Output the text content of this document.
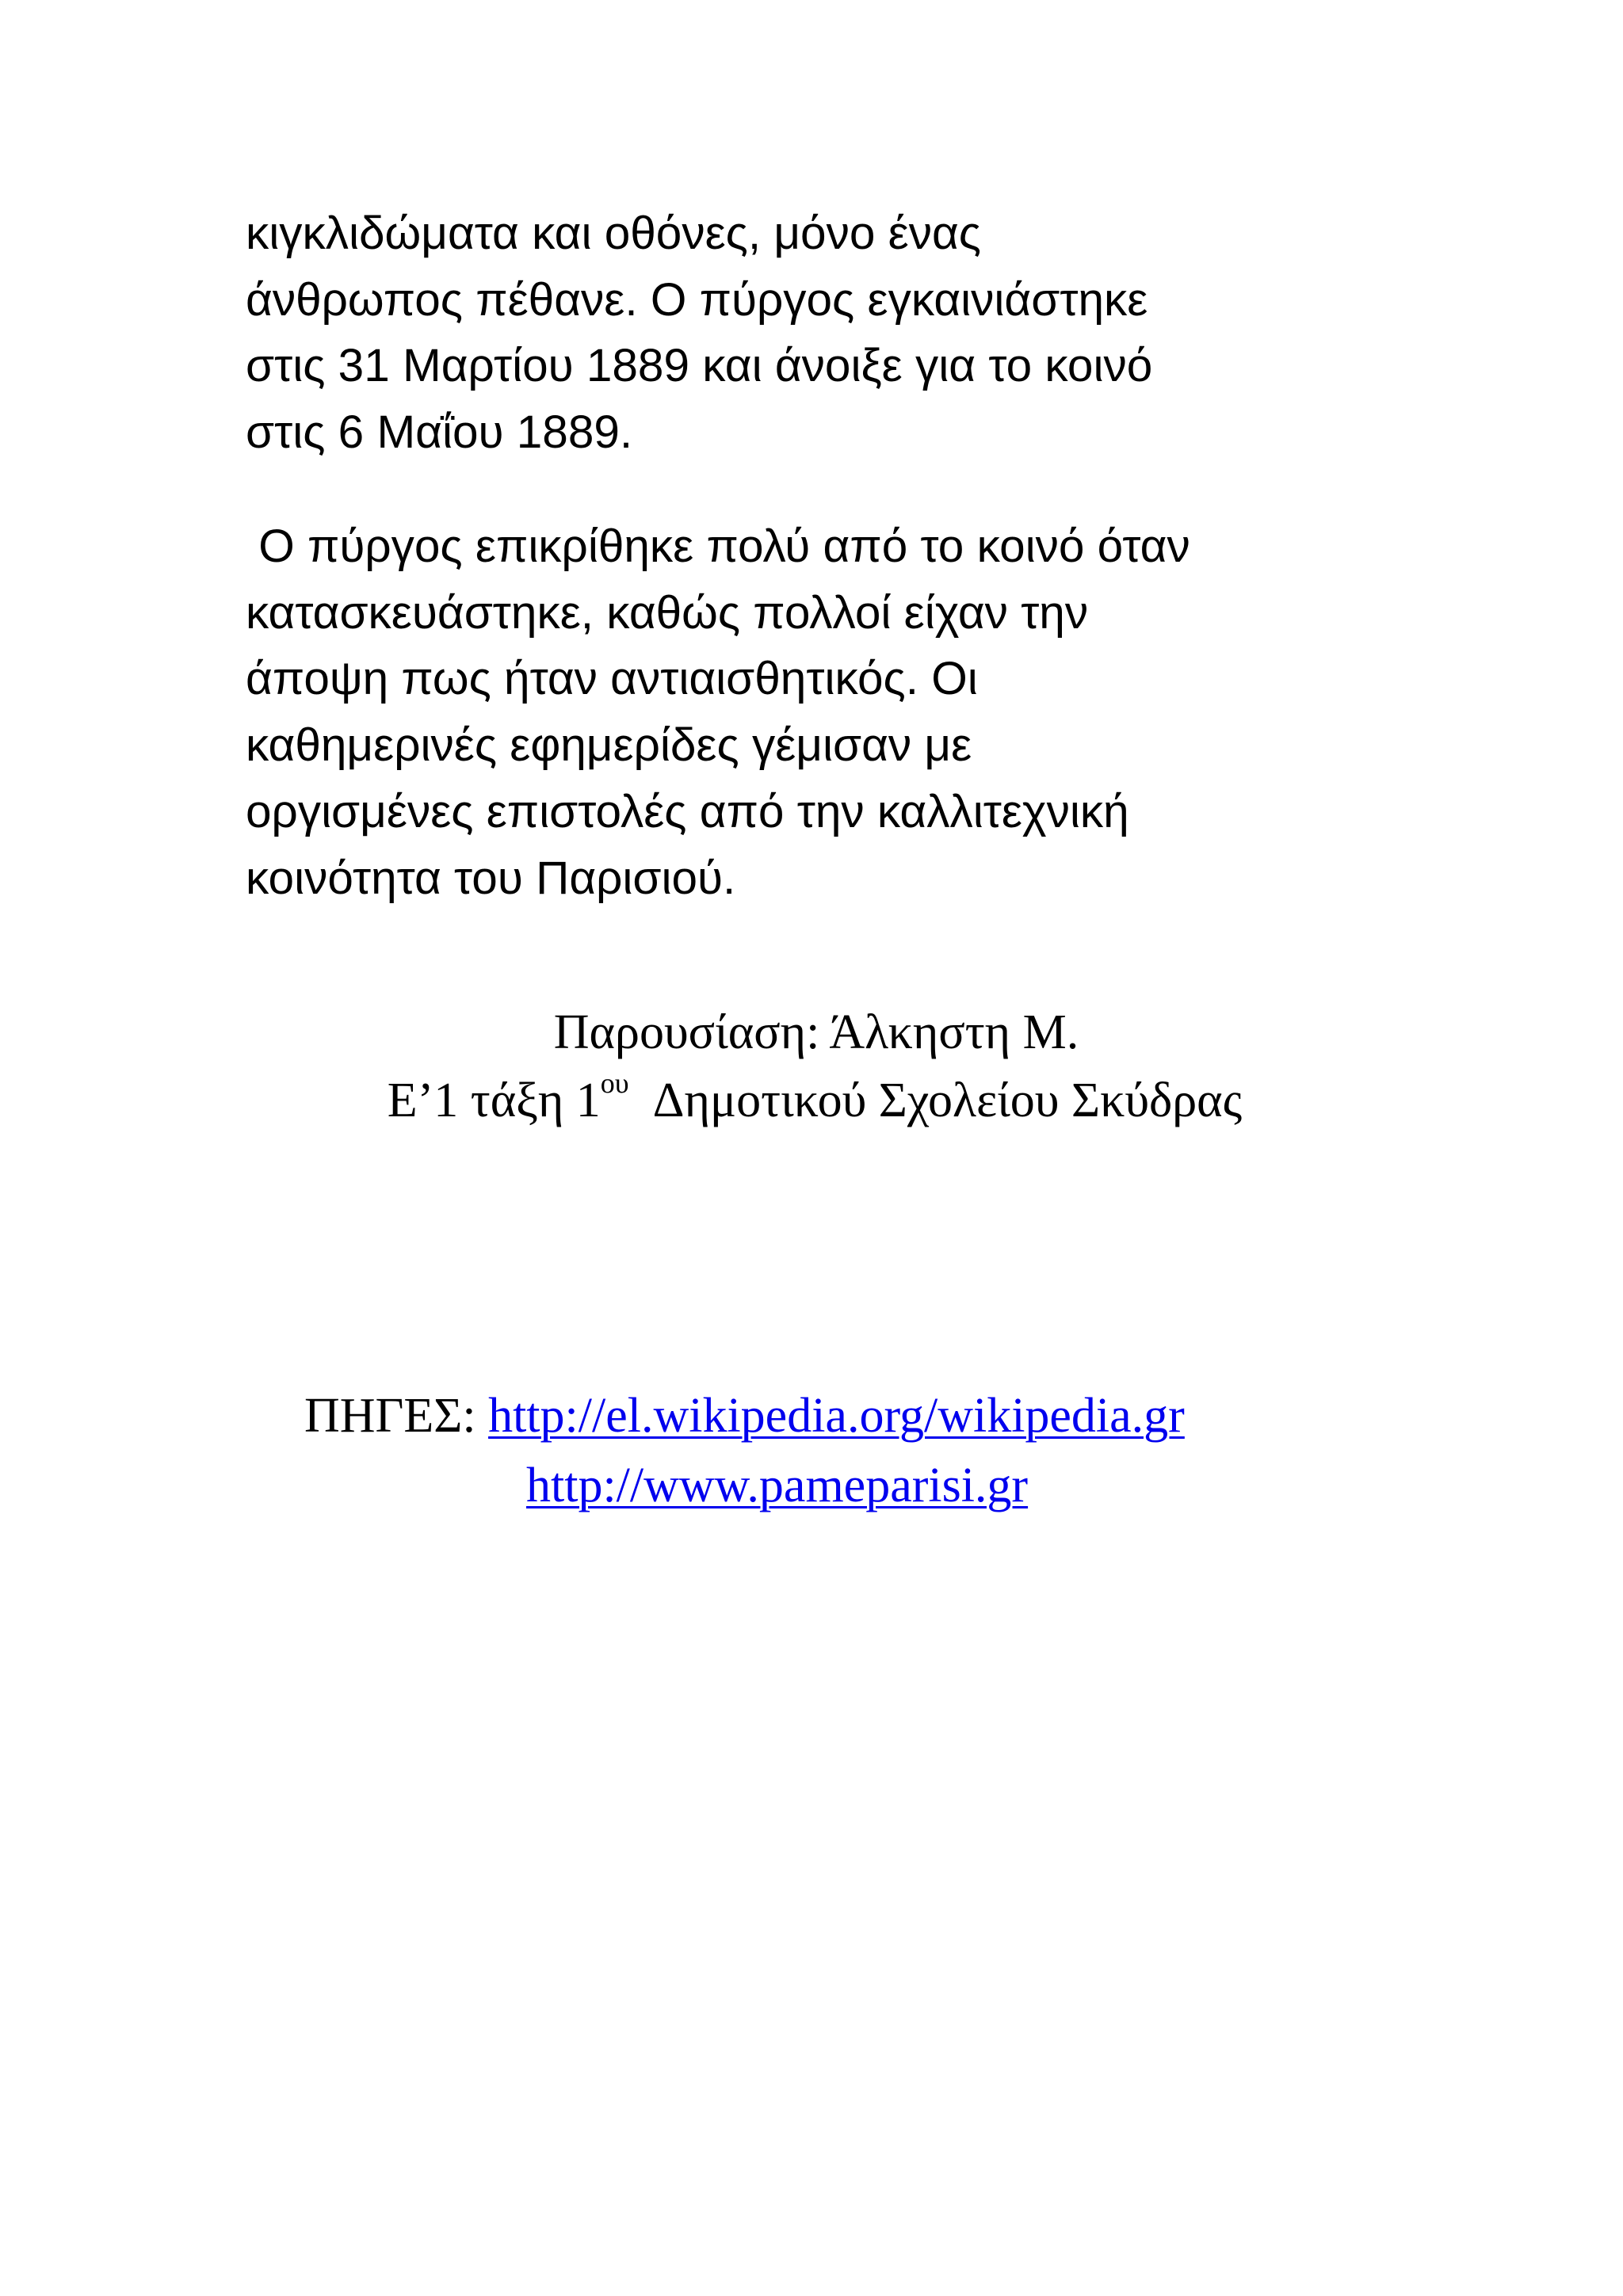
κιγκλιδώματα και οθόνες, μόνο ένας
άνθρωπος πέθανε. Ο πύργος εγκαινιάστηκε
στις 31 Μαρτίου 1889 και άνοιξε για το κοινό
στις 6 Μαΐου 1889.

Ο πύργος επικρίθηκε πολύ από το κοινό όταν
κατασκευάστηκε, καθώς πολλοί είχαν την
άποψη πως ήταν αντιαισθητικός. Οι
καθημερινές εφημερίδες γέμισαν με
οργισμένες επιστολές από την καλλιτεχνική
κοινότητα του Παρισιού.

Παρουσίαση: Άλκηστη Μ.
Ε’1 τάξη $1^{o\upsilon}$ Δημοτικού Σχολείου Σκύδρας
ΠΗΓΕΣ: http://el.wikipedia.org/wikipedia.gr
http://www.pameparisi.gr
